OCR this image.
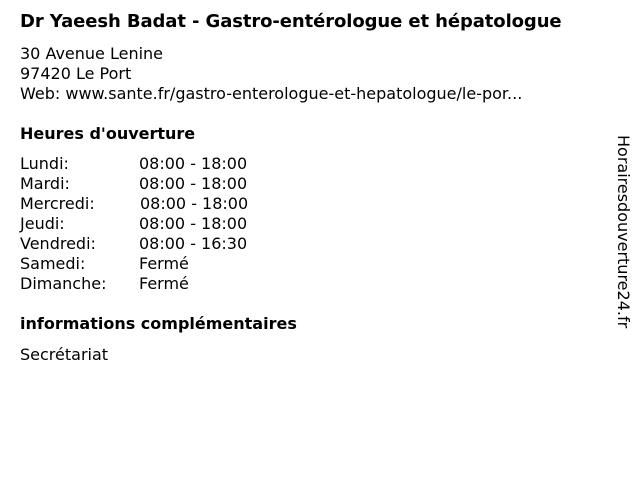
Dr Yaeesh Badat - Gastro-entérologue et hépatologue
30 Avenue Lenine
97420 Le Port
Web: www.sante.fr/gastro-enterologue-et-hepatologue/le-por...
Heures d'ouverture
Lundi:	08:00 - 18:00
Mardi:	08:00 - 18:00
Mercredi:	08:00 - 18:00
Jeudi:	08:00 - 18:00
Vendredi:	08:00 - 16:30
Samedi:	Fermé
Dimanche:	Fermé
informations complémentaires
Secrétariat
Horairesdouverture24.fr
